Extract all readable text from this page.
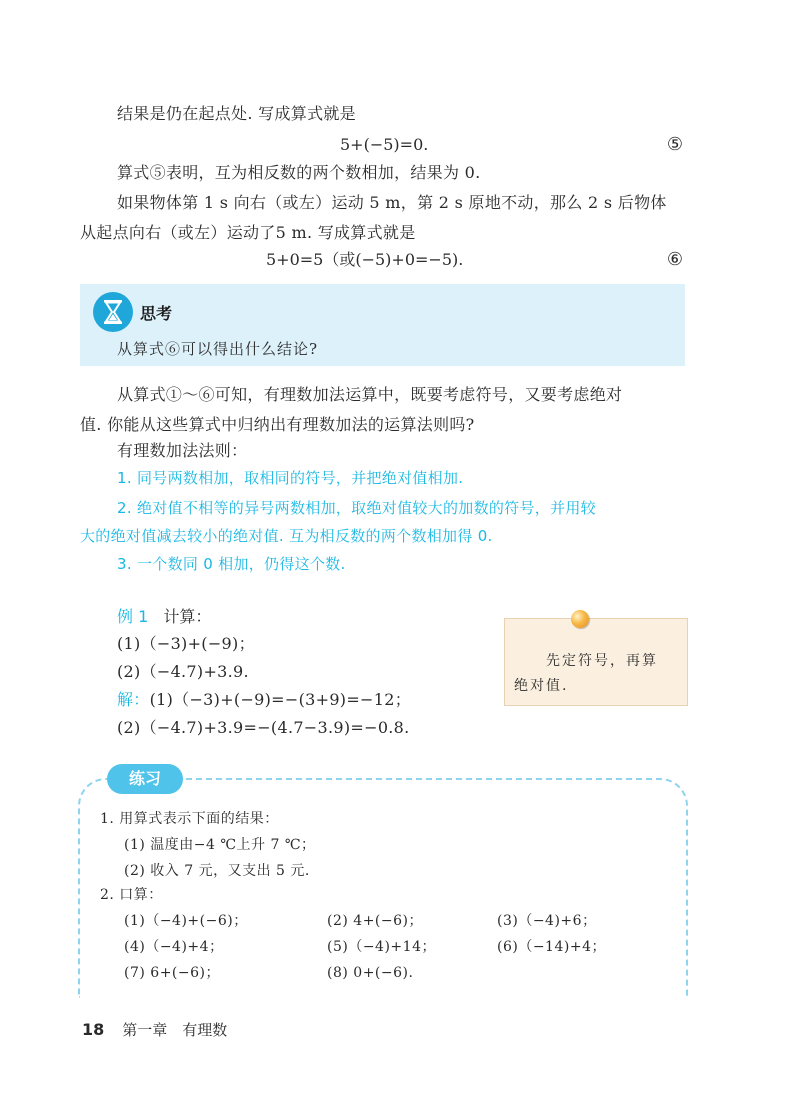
结果是仍在起点处. 写成算式就是
5+(−5)=0.	⑤
算式⑤表明，互为相反数的两个数相加，结果为 0.
如果物体第 1 s 向右（或左）运动 5 m，第 2 s 原地不动，那么 2 s 后物体
从起点向右（或左）运动了5 m. 写成算式就是
5+0=5（或(−5)+0=−5).	⑥
思考
从算式⑥可以得出什么结论?
从算式①～⑥可知，有理数加法运算中，既要考虑符号，又要考虑绝对
值. 你能从这些算式中归纳出有理数加法的运算法则吗?
有理数加法法则：
1. 同号两数相加，取相同的符号，并把绝对值相加.
2. 绝对值不相等的异号两数相加，取绝对值较大的加数的符号，并用较
大的绝对值减去较小的绝对值. 互为相反数的两个数相加得 0.
3. 一个数同 0 相加，仍得这个数.
例 1 计算：
(1)（−3)+(−9)；
(2)（−4.7)+3.9.
解：(1)（−3)+(−9)=−(3+9)=−12；
(2)（−4.7)+3.9=−(4.7−3.9)=−0.8.
先定符号，再算
绝对值.
练习
1. 用算式表示下面的结果：
(1) 温度由−4 ℃上升 7 ℃；
(2) 收入 7 元，又支出 5 元.
2. 口算：
(1)（−4)+(−6)；	(2) 4+(−6)；	(3)（−4)+6；
(4)（−4)+4；	(5)（−4)+14；	(6)（−14)+4；
(7) 6+(−6)；	(8) 0+(−6).
18 第一章　有理数
